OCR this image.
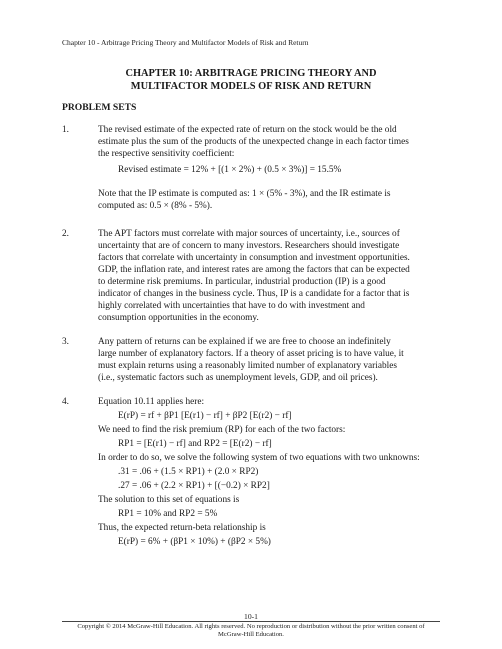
Chapter 10 - Arbitrage Pricing Theory and Multifactor Models of Risk and Return
CHAPTER 10: ARBITRAGE PRICING THEORY AND
MULTIFACTOR MODELS OF RISK AND RETURN
PROBLEM SETS
1.	The revised estimate of the expected rate of return on the stock would be the old
estimate plus the sum of the products of the unexpected change in each factor times
the respective sensitivity coefficient:
Revised estimate = 12% + [(1 × 2%) + (0.5 × 3%)] = 15.5%
Note that the IP estimate is computed as: 1 × (5% - 3%), and the IR estimate is
computed as: 0.5 × (8% - 5%).
2.	The APT factors must correlate with major sources of uncertainty, i.e., sources of
uncertainty that are of concern to many investors. Researchers should investigate
factors that correlate with uncertainty in consumption and investment opportunities.
GDP, the inflation rate, and interest rates are among the factors that can be expected
to determine risk premiums. In particular, industrial production (IP) is a good
indicator of changes in the business cycle. Thus, IP is a candidate for a factor that is
highly correlated with uncertainties that have to do with investment and
consumption opportunities in the economy.
3.	Any pattern of returns can be explained if we are free to choose an indefinitely
large number of explanatory factors. If a theory of asset pricing is to have value, it
must explain returns using a reasonably limited number of explanatory variables
(i.e., systematic factors such as unemployment levels, GDP, and oil prices).
4.	Equation 10.11 applies here:
E(rP) = rf + βP1 [E(r1) − rf] + βP2 [E(r2) − rf]
We need to find the risk premium (RP) for each of the two factors:
RP1 = [E(r1) − rf] and RP2 = [E(r2) − rf]
In order to do so, we solve the following system of two equations with two unknowns:
.31 = .06 + (1.5 × RP1) + (2.0 × RP2)
.27 = .06 + (2.2 × RP1) + [(−0.2) × RP2]
The solution to this set of equations is
RP1 = 10% and RP2 = 5%
Thus, the expected return-beta relationship is
E(rP) = 6% + (βP1 × 10%) + (βP2 × 5%)
10-1
Copyright © 2014 McGraw-Hill Education. All rights reserved. No reproduction or distribution without the prior written consent of
McGraw-Hill Education.
